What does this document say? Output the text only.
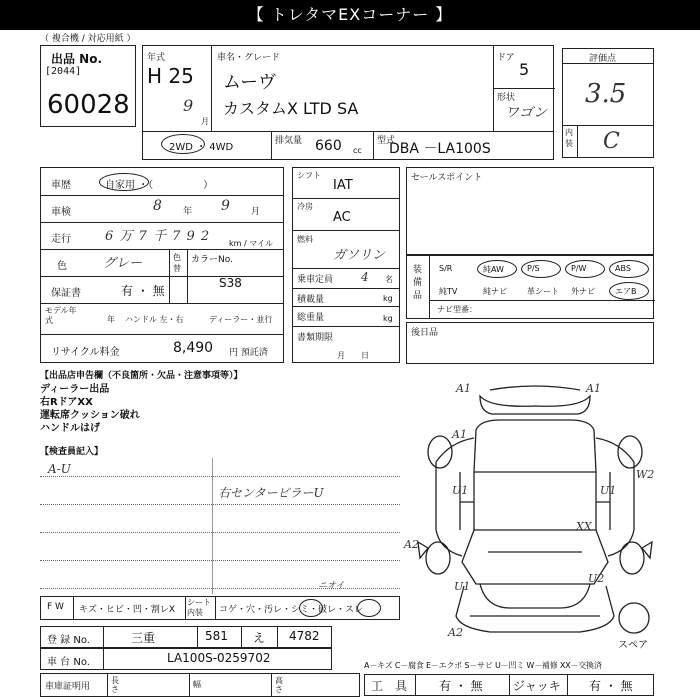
【 トレタマEXコーナー 】
（ 複合機 / 対応用紙 ）
出品 No.
[2044]
60028
年式
H 25
9
月
車名・グレード
ムーヴ
カスタムX LTD SA
ドア
5
形状
ワゴン
2WD ・ 4WD
排気量 660 cc
型式
DBA －LA100S
評価点
3.5
内装 C
車歴	自家用 ・（　　　　　）
車検	8 年 9 月
走行	6 万 7 千 7 9 2 km / マイル
色	グレー	色替
カラーNo.
S38
保証書	有 ・ 無
モデル年式	年 ハンドル 左・右	ディーラー・並行
リサイクル料金	8,490 円 預託済
シフト
IAT
冷房
AC
燃料
ガソリン
乗車定員 4 名
積載量	kg
総重量	kg
書類期限
月　　日
セールスポイント
装備品
S/R	純AW	P/S	P/W	ABS
純TV	純ナビ	革シート 外ナビ	エアB
ナビ型番：
後日品
【出品店申告欄（不良箇所・欠品・注意事項等）】
ディーラー出品
右RドアXX
運転席クッション破れ
ハンドルはげ
【検査員記入】
A-U
右センターピラーU
F W キズ・ヒビ・凹・割レX
シート内装	コゲ・穴・汚レ・シミ・破レ・スレ
ニオイ
登 録 No.	三重	581 え 4782
車 台 No.	LA100S-0259702
車庫証明用
長さ
幅	高さ
A1	A1
A1
W2
U1	U1
XX
A2
U1
U2
A2
スペア
A－キズ C－腐食 E－エクボ S－サビ U－凹ミ W－補修 XX－交換済
工　具	有 ・ 無	ジャッキ 有 ・ 無
